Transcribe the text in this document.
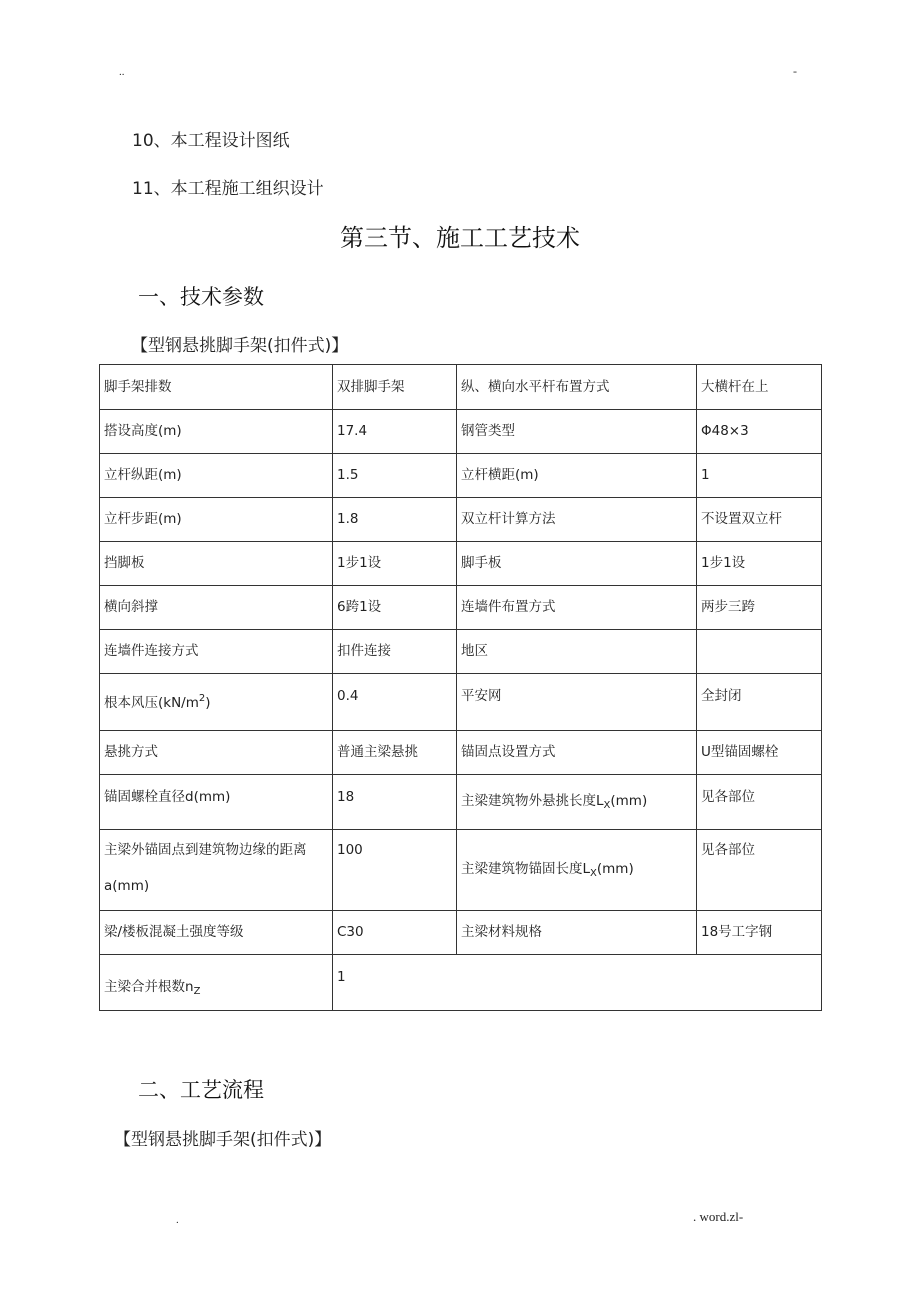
..	-
10、本工程设计图纸
11、本工程施工组织设计
第三节、施工工艺技术
一、技术参数
【型钢悬挑脚手架(扣件式)】
脚手架排数	双排脚手架	纵、横向水平杆布置方式	大横杆在上
搭设高度(m)	17.4	钢管类型	Φ48×3
立杆纵距(m)	1.5	立杆横距(m)	1
立杆步距(m)	1.8	双立杆计算方法	不设置双立杆
挡脚板	1步1设	脚手板	1步1设
横向斜撑	6跨1设	连墙件布置方式	两步三跨
连墙件连接方式	扣件连接	地区	
根本风压$(kN/m^2)$	0.4	平安网	全封闭
悬挑方式	普通主梁悬挑	锚固点设置方式	U型锚固螺栓
锚固螺栓直径d(mm)	18	主梁建筑物外悬挑长度$L_X(mm)$	见各部位
主梁外锚固点到建筑物边缘的距离a(mm)	100	主梁建筑物锚固长度$L_X(mm)$	见各部位
梁/楼板混凝土强度等级	C30	主梁材料规格	18号工字钢
主梁合并根数$n_Z$	1		
二、工艺流程
【型钢悬挑脚手架(扣件式)】
.	. word.zl-
